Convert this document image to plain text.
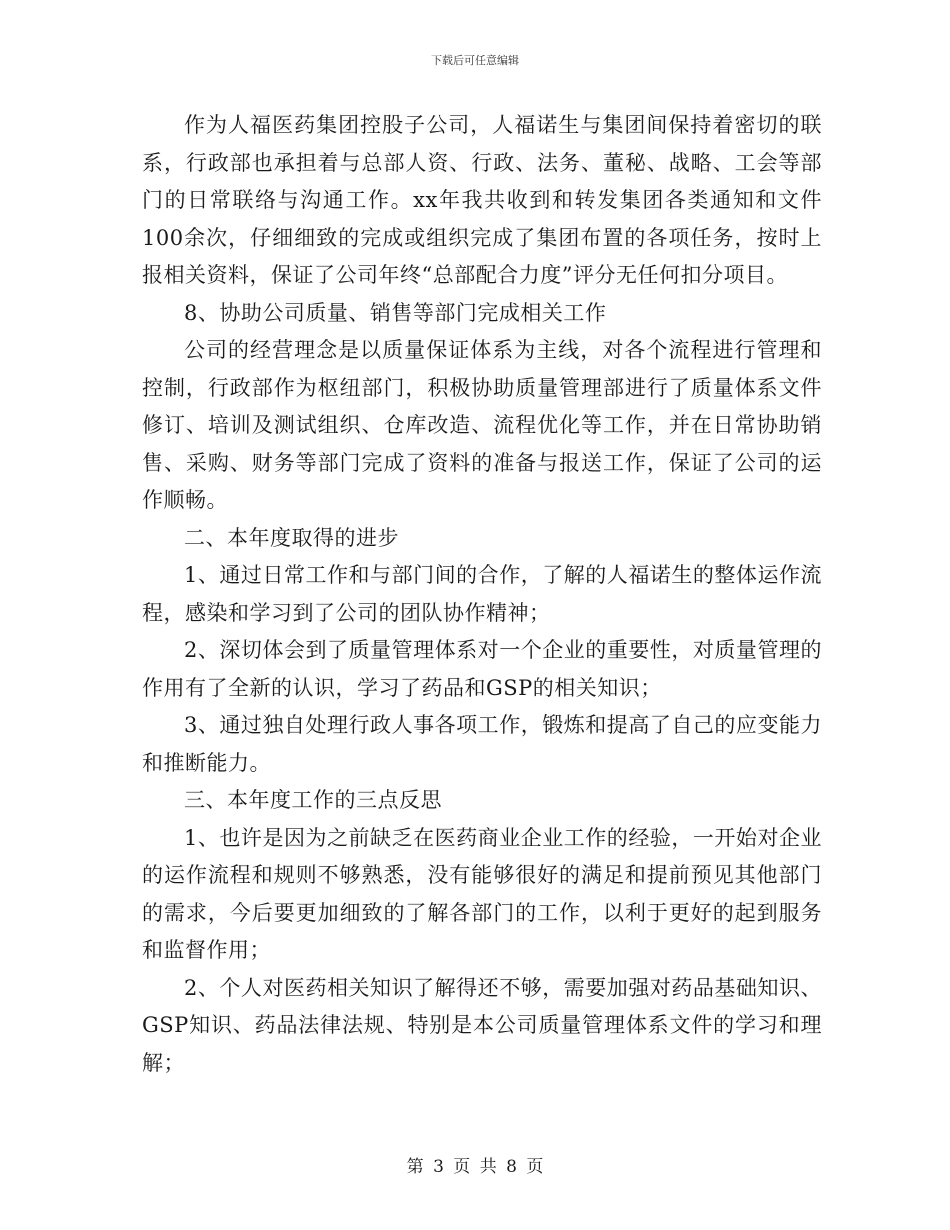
下载后可任意编辑

作为人福医药集团控股子公司，人福诺生与集团间保持着密切的联系，行政部也承担着与总部人资、行政、法务、董秘、战略、工会等部门的日常联络与沟通工作。xx年我共收到和转发集团各类通知和文件100余次，仔细细致的完成或组织完成了集团布置的各项任务，按时上报相关资料，保证了公司年终“总部配合力度”评分无任何扣分项目。

8、协助公司质量、销售等部门完成相关工作

公司的经营理念是以质量保证体系为主线，对各个流程进行管理和控制，行政部作为枢纽部门，积极协助质量管理部进行了质量体系文件修订、培训及测试组织、仓库改造、流程优化等工作，并在日常协助销售、采购、财务等部门完成了资料的准备与报送工作，保证了公司的运作顺畅。

二、本年度取得的进步

1、通过日常工作和与部门间的合作，了解的人福诺生的整体运作流程，感染和学习到了公司的团队协作精神；

2、深切体会到了质量管理体系对一个企业的重要性，对质量管理的作用有了全新的认识，学习了药品和GSP的相关知识；

3、通过独自处理行政人事各项工作，锻炼和提高了自己的应变能力和推断能力。

三、本年度工作的三点反思

1、也许是因为之前缺乏在医药商业企业工作的经验，一开始对企业的运作流程和规则不够熟悉，没有能够很好的满足和提前预见其他部门的需求，今后要更加细致的了解各部门的工作，以利于更好的起到服务和监督作用；

2、个人对医药相关知识了解得还不够，需要加强对药品基础知识、GSP知识、药品法律法规、特别是本公司质量管理体系文件的学习和理解；

第 3 页 共 8 页
